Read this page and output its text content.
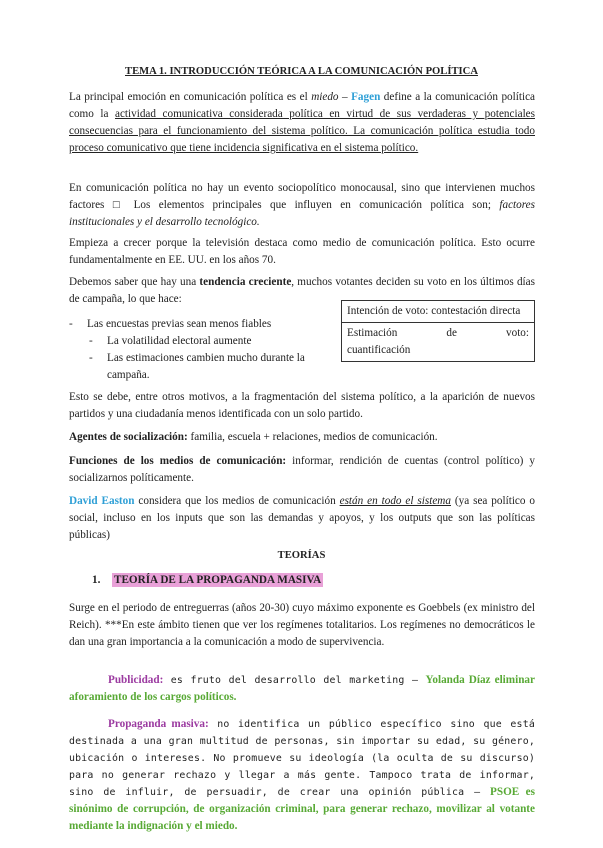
TEMA 1. INTRODUCCIÓN TEÓRICA A LA COMUNICACIÓN POLÍTICA

La principal emoción en comunicación política es el miedo – Fagen define a la comunicación política como la actividad comunicativa considerada política en virtud de sus verdaderas y potenciales consecuencias para el funcionamiento del sistema político. La comunicación política estudia todo proceso comunicativo que tiene incidencia significativa en el sistema político.

En comunicación política no hay un evento sociopolítico monocausal, sino que intervienen muchos factores □ Los elementos principales que influyen en comunicación política son; factores institucionales y el desarrollo tecnológico.

Empieza a crecer porque la televisión destaca como medio de comunicación política. Esto ocurre fundamentalmente en EE. UU. en los años 70.

Debemos saber que hay una tendencia creciente, muchos votantes deciden su voto en los últimos días de campaña, lo que hace:

- Las encuestas previas sean menos fiables
- La volatilidad electoral aumente
- Las estimaciones cambien mucho durante la campaña.
Intención de voto: contestación directa

Estimación	de	voto:
cuantificación

Esto se debe, entre otros motivos, a la fragmentación del sistema político, a la aparición de nuevos partidos y una ciudadanía menos identificada con un solo partido.

Agentes de socialización: familia, escuela + relaciones, medios de comunicación.

Funciones de los medios de comunicación: informar, rendición de cuentas (control político) y socializarnos políticamente.

David Easton considera que los medios de comunicación están en todo el sistema (ya sea político o social, incluso en los inputs que son las demandas y apoyos, y los outputs que son las políticas públicas)

TEORÍAS
1. TEORÍA DE LA PROPAGANDA MASIVA

Surge en el periodo de entreguerras (años 20-30) cuyo máximo exponente es Goebbels (ex ministro del Reich). ***En este ámbito tienen que ver los regímenes totalitarios. Los regímenes no democráticos le dan una gran importancia a la comunicación a modo de supervivencia.

Publicidad: es fruto del desarrollo del marketing – Yolanda Díaz eliminar aforamiento de los cargos políticos.

Propaganda masiva: no identifica un público específico sino que está destinada a una gran multitud de personas, sin importar su edad, su género, ubicación o intereses. No promueve su ideología (la oculta de su discurso) para no generar rechazo y llegar a más gente. Tampoco trata de informar, sino de influir, de persuadir, de crear una opinión pública – PSOE es sinónimo de corrupción, de organización criminal, para generar rechazo, movilizar al votante mediante la indignación y el miedo.
